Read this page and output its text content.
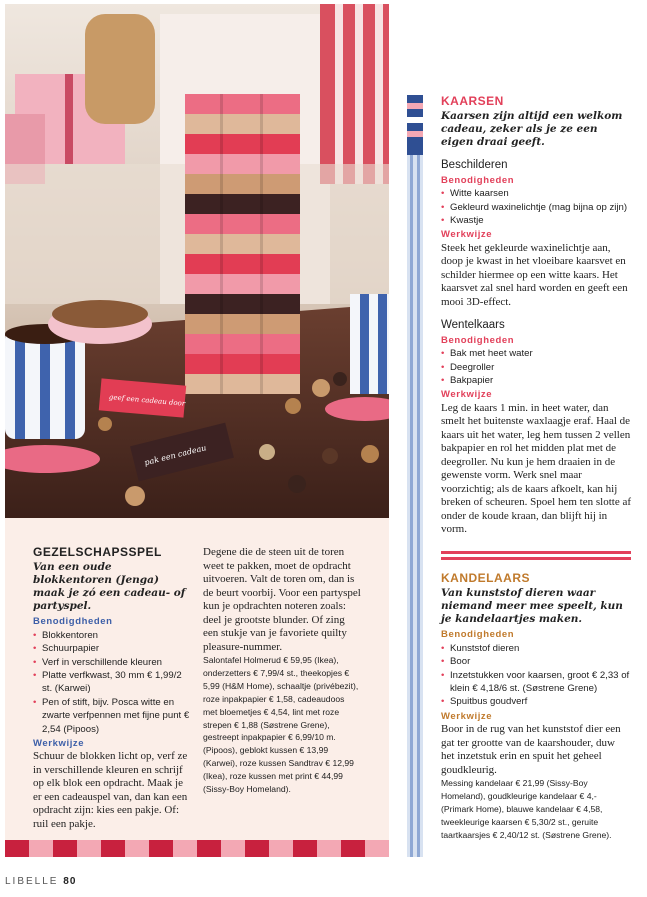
geef een cadeau door
pak een cadeau
GEZELSCHAPSSPEL
Van een oude blokkentoren (Jenga) maak je zó een cadeau- of partyspel.
Benodigdheden
• Blokkentoren
• Schuurpapier
• Verf in verschillende kleuren
• Platte verfkwast, 30 mm € 1,99/2 st. (Karwei)
• Pen of stift, bijv. Posca witte en zwarte verfpennen met fijne punt € 2,54 (Pipoos)
Werkwijze
Schuur de blokken licht op, verf ze in verschillende kleuren en schrijf op elk blok een opdracht. Maak je er een cadeauspel van, dan kan een opdracht zijn: kies een pakje. Of: ruil een pakje.
Degene die de steen uit de toren weet te pakken, moet de opdracht uitvoeren. Valt de toren om, dan is de beurt voorbij. Voor een partyspel kun je opdrachten noteren zoals: deel je grootste blunder. Of zing een stukje van je favoriete quilty pleasure-nummer.
Salontafel Holmerud € 59,95 (Ikea), onderzetters € 7,99/4 st., theekopjes € 5,99 (H&M Home), schaaltje (privébezit), roze inpakpapier € 1,58, cadeaudoos met bloemetjes € 4,54, lint met roze strepen € 1,88 (Søstrene Grene), gestreept inpakpapier € 6,99/10 m. (Pipoos), geblokt kussen € 13,99 (Karwei), roze kussen Sandtrav € 12,99 (Ikea), roze kussen met print € 44,99 (Sissy-Boy Homeland).
KAARSEN
Kaarsen zijn altijd een welkom cadeau, zeker als je ze een eigen draai geeft.
Beschilderen
Benodigheden
• Witte kaarsen
• Gekleurd waxinelichtje (mag bijna op zijn)
• Kwastje
Werkwijze
Steek het gekleurde waxinelichtje aan, doop je kwast in het vloeibare kaarsvet en schilder hiermee op een witte kaars. Het kaarsvet zal snel hard worden en geeft een mooi 3D-effect.
Wentelkaars
Benodigheden
• Bak met heet water
• Deegroller
• Bakpapier
Werkwijze
Leg de kaars 1 min. in heet water, dan smelt het buitenste waxlaagje eraf. Haal de kaars uit het water, leg hem tussen 2 vellen bakpapier en rol het midden plat met de deegroller. Nu kun je hem draaien in de gewenste vorm. Werk snel maar voorzichtig; als de kaars afkoelt, kan hij breken of scheuren. Spoel hem ten slotte af onder de koude kraan, dan blijft hij in vorm.
KANDELAARS
Van kunststof dieren waar niemand meer mee speelt, kun je kandelaartjes maken.
Benodigheden
• Kunststof dieren
• Boor
• Inzetstukken voor kaarsen, groot € 2,33 of klein € 4,18/6 st. (Søstrene Grene)
• Spuitbus goudverf
Werkwijze
Boor in de rug van het kunststof dier een gat ter grootte van de kaarshouder, duw het inzetstuk erin en spuit het geheel goudkleurig.
Messing kandelaar € 21,99 (Sissy-Boy Homeland), goudkleurige kandelaar € 4,- (Primark Home), blauwe kandelaar € 4,58, tweekleurige kaarsen € 5,30/2 st., geruite taartkaarsjes € 2,40/12 st. (Søstrene Grene).
LIBELLE 80
